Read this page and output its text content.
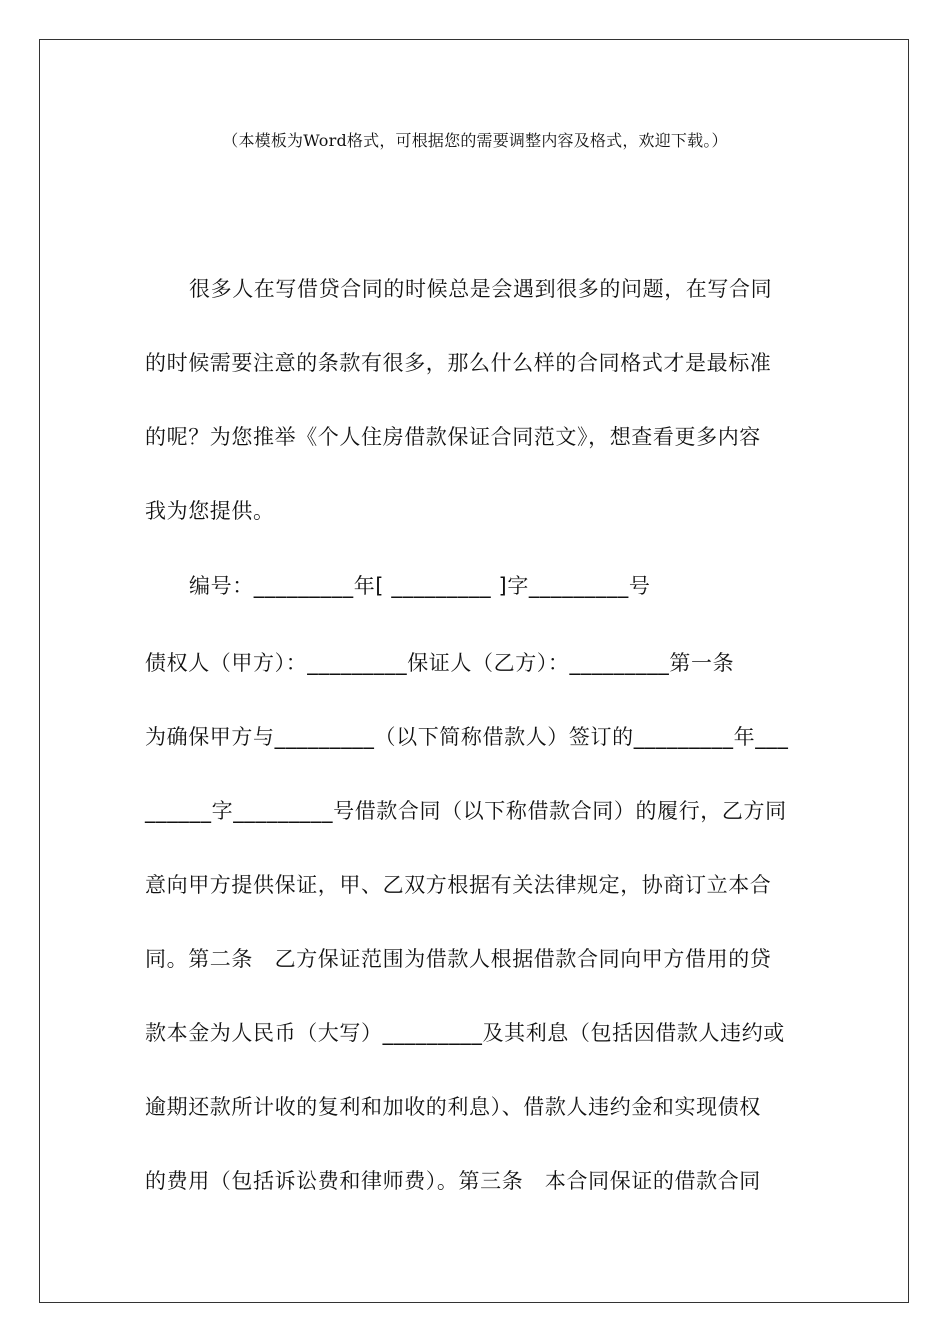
（本模板为Word格式，可根据您的需要调整内容及格式，欢迎下载。）
很多人在写借贷合同的时候总是会遇到很多的问题，在写合同
的时候需要注意的条款有很多，那么什么样的合同格式才是最标准
的呢？为您推举《个人住房借款保证合同范文》，想查看更多内容
我为您提供。
编号：_________年[ _________ ]字_________号
债权人（甲方）：_________保证人（乙方）：_________第一条
为确保甲方与_________（以下简称借款人）签订的_________年___
______字_________号借款合同（以下称借款合同）的履行，乙方同
意向甲方提供保证，甲、乙双方根据有关法律规定，协商订立本合
同。第二条　乙方保证范围为借款人根据借款合同向甲方借用的贷
款本金为人民币（大写）_________及其利息（包括因借款人违约或
逾期还款所计收的复利和加收的利息）、借款人违约金和实现债权
的费用（包括诉讼费和律师费）。第三条　本合同保证的借款合同
